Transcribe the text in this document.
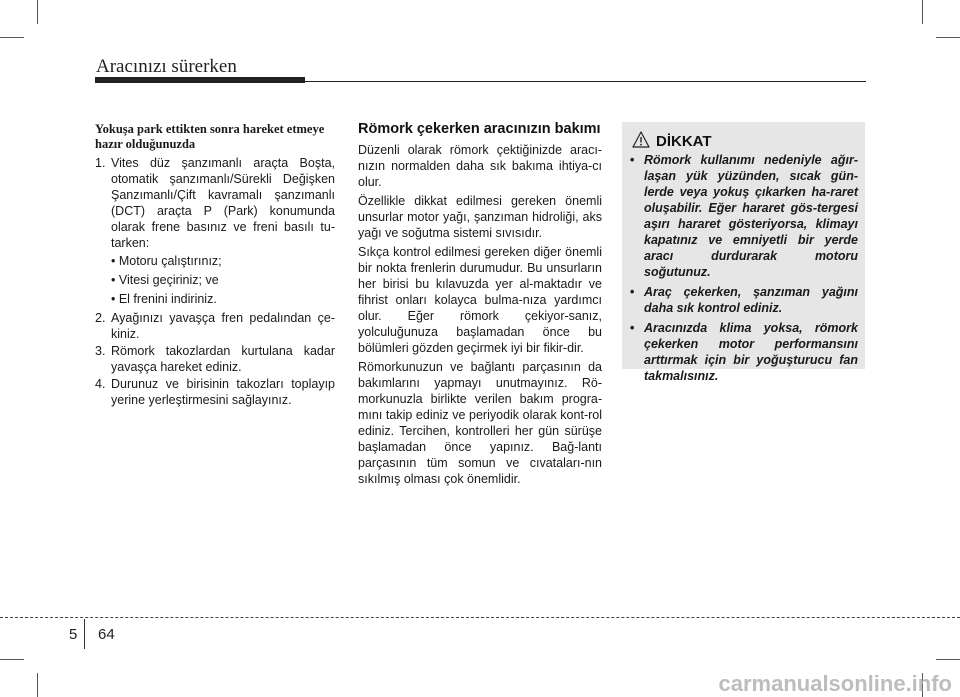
Aracınızı sürerken
Yokuşa park ettikten sonra hareket etmeye hazır olduğunuzda
1. Vites düz şanzımanlı araçta Boşta, otomatik şanzımanlı/Sürekli Değişken Şanzımanlı/Çift kavramalı şanzımanlı (DCT) araçta P (Park) konumunda olarak frene basınız ve freni basılı tu-tarken:
• Motoru çalıştırınız;
• Vitesi geçiriniz; ve
• El frenini indiriniz.
2. Ayağınızı yavaşça fren pedalından çe-kiniz.
3. Römork takozlardan kurtulana kadar yavaşça hareket ediniz.
4. Durunuz ve birisinin takozları toplayıp yerine yerleştirmesini sağlayınız.
Römork çekerken aracınızın bakımı

Düzenli olarak römork çektiğinizde aracı-nızın normalden daha sık bakıma ihtiya-cı olur.

Özellikle dikkat edilmesi gereken önemli unsurlar motor yağı, şanzıman hidroliği, aks yağı ve soğutma sistemi sıvısıdır.

Sıkça kontrol edilmesi gereken diğer önemli bir nokta frenlerin durumudur. Bu unsurların her birisi bu kılavuzda yer al-maktadır ve fihrist onları kolayca bulma-nıza yardımcı olur. Eğer römork çekiyor-sanız, yolculuğunuza başlamadan önce bu bölümleri gözden geçirmek iyi bir fikir-dir.

Römorkunuzun ve bağlantı parçasının da bakımlarını yapmayı unutmayınız. Rö-morkunuzla birlikte verilen bakım progra-mını takip ediniz ve periyodik olarak kont-rol ediniz. Tercihen, kontrolleri her gün sürüşe başlamadan önce yapınız. Bağ-lantı parçasının tüm somun ve cıvataları-nın sıkılmış olması çok önemlidir.

DİKKAT
• Römork kullanımı nedeniyle ağır-laşan yük yüzünden, sıcak gün-lerde veya yokuş çıkarken ha-raret oluşabilir. Eğer hararet gös-tergesi aşırı hararet gösteriyorsa, klimayı kapatınız ve emniyetli bir yerde aracı durdurarak motoru soğutunuz.
• Araç çekerken, şanzıman yağını daha sık kontrol ediniz.
• Aracınızda klima yoksa, römork çekerken motor performansını arttırmak için bir yoğuşturucu fan takmalısınız.
5 64
carmanualsonline.info
